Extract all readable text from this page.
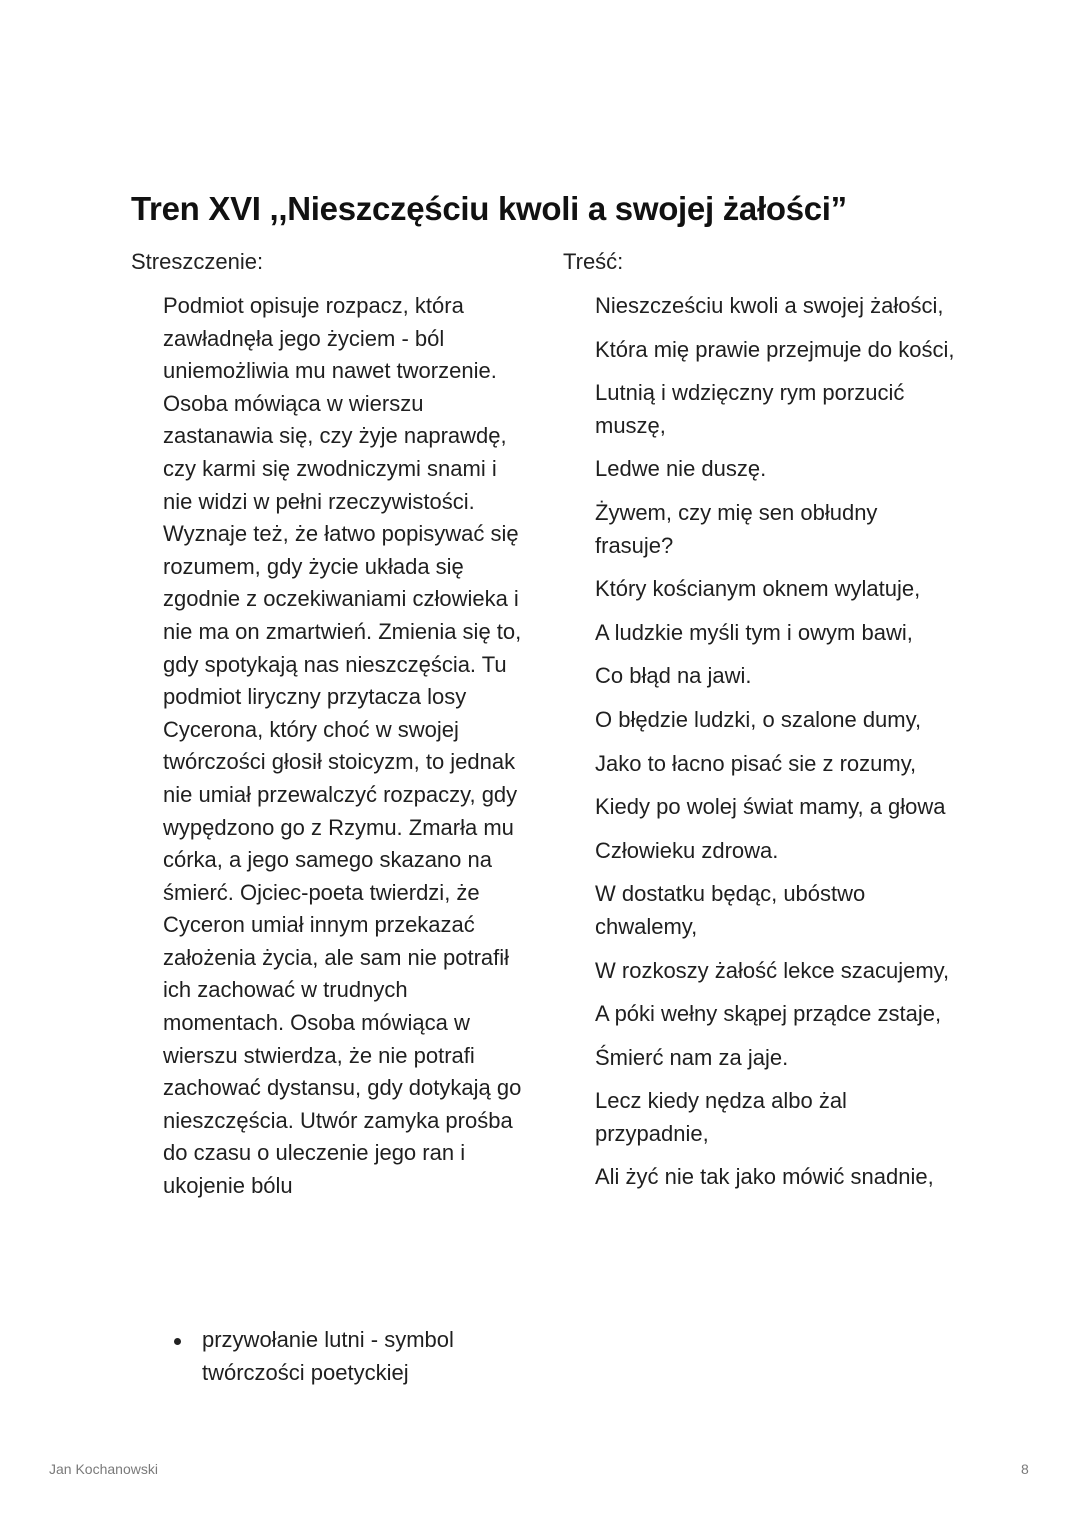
Tren XVI ,,Nieszczęściu kwoli a swojej żałości”

Streszczenie:	Treść:

Podmiot opisuje rozpacz, która zawładnęła jego życiem - ból uniemożliwia mu nawet tworzenie. Osoba mówiąca w wierszu zastanawia się, czy żyje naprawdę, czy karmi się zwodniczymi snami i nie widzi w pełni rzeczywistości. Wyznaje też, że łatwo popisywać się rozumem, gdy życie układa się zgodnie z oczekiwaniami człowieka i nie ma on zmartwień. Zmienia się to, gdy spotykają nas nieszczęścia. Tu podmiot liryczny przytacza losy Cycerona, który choć w swojej twórczości głosił stoicyzm, to jednak nie umiał przewalczyć rozpaczy, gdy wypędzono go z Rzymu. Zmarła mu córka, a jego samego skazano na śmierć. Ojciec-poeta twierdzi, że Cyceron umiał innym przekazać założenia życia, ale sam nie potrafił ich zachować w trudnych momentach. Osoba mówiąca w wierszu stwierdza, że nie potrafi zachować dystansu, gdy dotykają go nieszczęścia. Utwór zamyka prośba do czasu o uleczenie jego ran i ukojenie bólu
przywołanie lutni - symbol twórczości poetyckiej
Nieszcześciu kwoli a swojej żałości,
Która mię prawie przejmuje do kości,
Lutnią i wdzięczny rym porzucić muszę,
Ledwe nie duszę.
Żywem, czy mię sen obłudny frasuje?
Który kościanym oknem wylatuje,
A ludzkie myśli tym i owym bawi,
Co błąd na jawi.
O błędzie ludzki, o szalone dumy,
Jako to łacno pisać sie z rozumy,
Kiedy po wolej świat mamy, a głowa
Człowieku zdrowa.
W dostatku będąc, ubóstwo chwalemy,
W rozkoszy żałość lekce szacujemy,
A póki wełny skąpej prządce zstaje,
Śmierć nam za jaje.
Lecz kiedy nędza albo żal przypadnie,
Ali żyć nie tak jako mówić snadnie,
Jan Kochanowski	8
